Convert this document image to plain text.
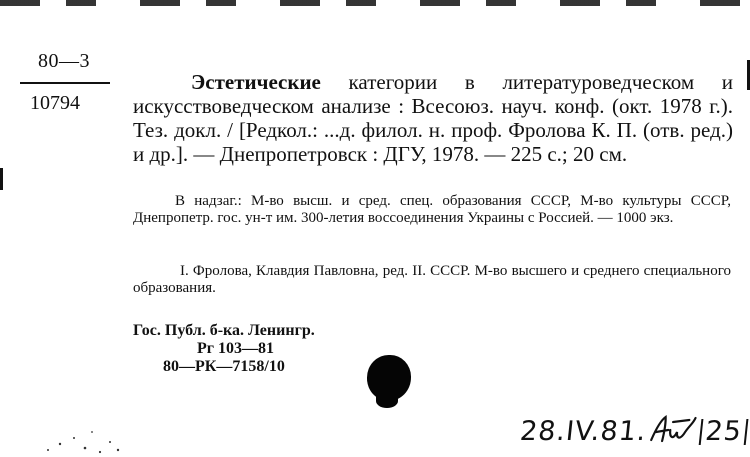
80—3
10794

Эстетические категории в литературоведческом и искусствоведческом анализе : Всесоюз. науч. конф. (окт. 1978 г.). Тез. докл. / [Редкол.: ...д. филол. н. проф. Фролова К. П. (отв. ред.) и др.]. — Днепропетровск : ДГУ, 1978. — 225 с.; 20 см.

В надзаг.: М-во высш. и сред. спец. образования СССР, М-во культуры СССР, Днепропетр. гос. ун-т им. 300-летия воссоединения Украины с Россией. — 1000 экз.

I. Фролова, Клавдия Павловна, ред. II. СССР. М-во высшего и среднего специального образования.

Гос. Публ. б-ка. Ленингр.
Рг 103—81
80—РК—7158/10
28.IV.81. 25
